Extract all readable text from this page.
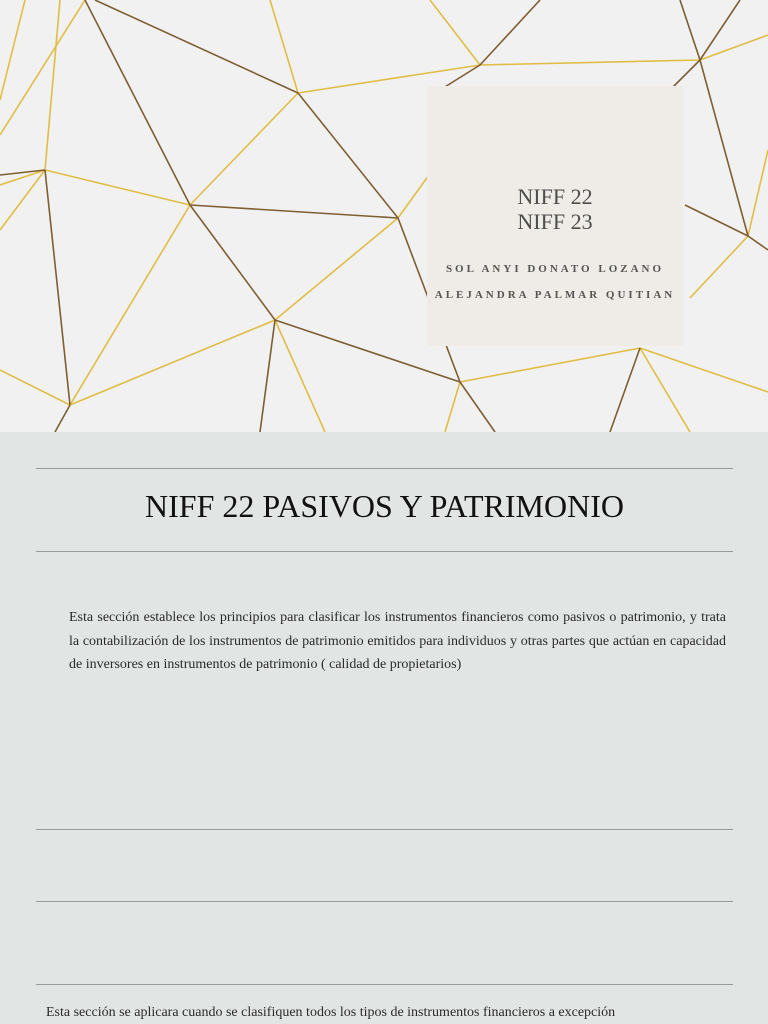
NIFF 22
NIFF 23
SOL ANYI DONATO LOZANO
ALEJANDRA PALMAR QUITIAN
NIFF 22 PASIVOS Y PATRIMONIO
Esta sección establece los principios para clasificar los instrumentos financieros como pasivos o patrimonio, y trata la contabilización de los instrumentos de patrimonio emitidos para individuos y otras partes que actúan en capacidad de inversores en instrumentos de patrimonio ( calidad de propietarios)
Esta sección se aplicara cuando se clasifiquen todos los tipos de instrumentos financieros a excepción
